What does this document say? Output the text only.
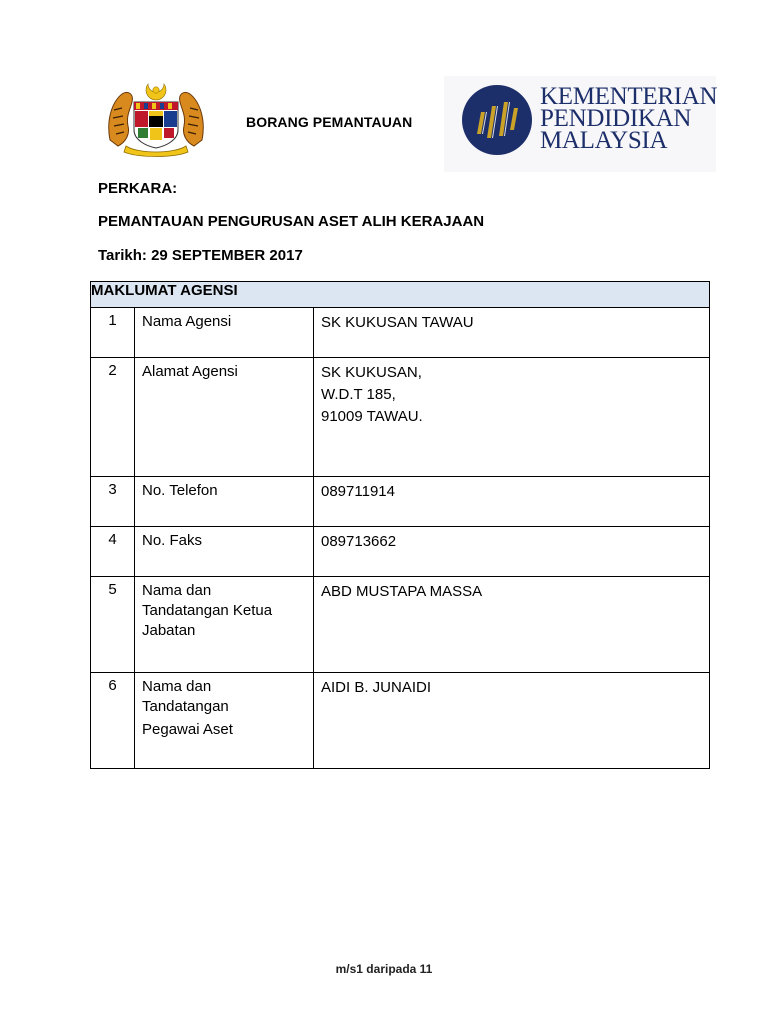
BORANG PEMANTAUAN
KEMENTERIAN
PENDIDIKAN
MALAYSIA
PERKARA:
PEMANTAUAN PENGURUSAN ASET ALIH KERAJAAN
Tarikh: 29 SEPTEMBER 2017
MAKLUMAT AGENSI		
1	Nama Agensi	SK KUKUSAN TAWAU
2	Alamat Agensi	SK KUKUSAN,
W.D.T 185,
91009 TAWAU.

3	No. Telefon	089711914
4	No. Faks	089713662
5	Nama dan
Tandatangan Ketua
Jabatan	ABD MUSTAPA MASSA
6	Nama dan
Tandatangan
Pegawai Aset	AIDI B. JUNAIDI
m/s1 daripada 11
